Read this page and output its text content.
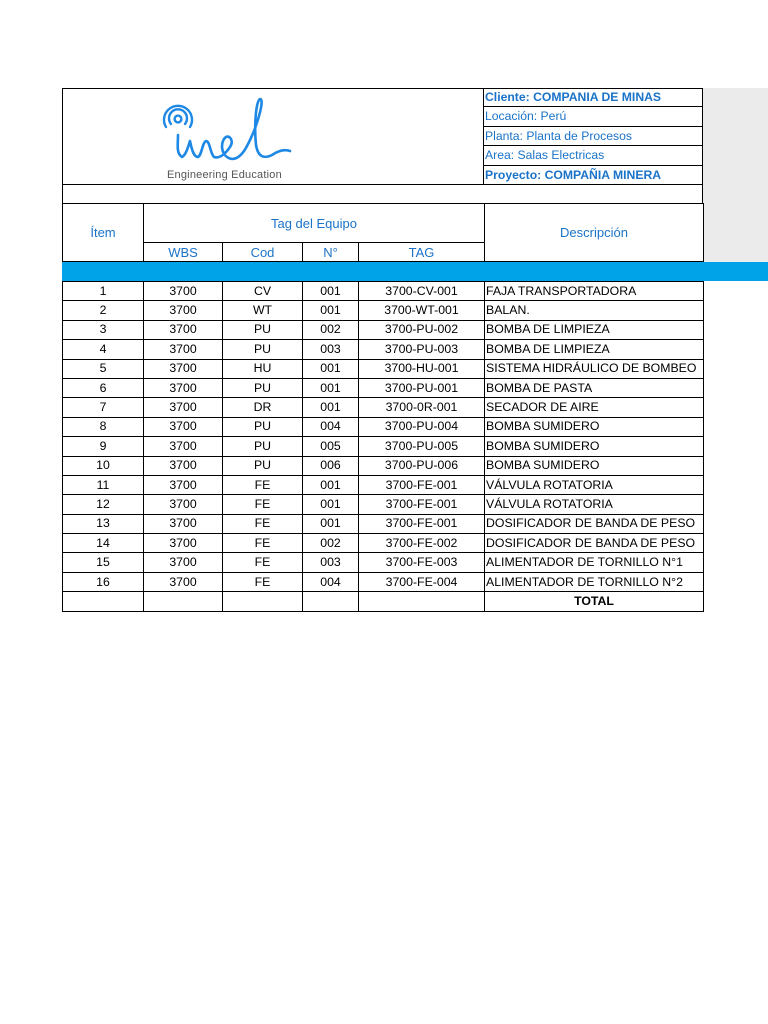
Engineering Education
Cliente: COMPANIA DE MINAS
Locación: Perú
Planta: Planta de Procesos
Area: Salas Electricas
Proyecto: COMPAÑIA MINERA
Ítem
Tag del Equipo
WBS	Cod	N°	TAG
Descripción
1	3700	CV	001	3700-CV-001	FAJA TRANSPORTADORA
2	3700	WT	001	3700-WT-001	BALAN.
3	3700	PU	002	3700-PU-002	BOMBA DE LIMPIEZA
4	3700	PU	003	3700-PU-003	BOMBA DE LIMPIEZA
5	3700	HU	001	3700-HU-001	SISTEMA HIDRÁULICO DE BOMBEO
6	3700	PU	001	3700-PU-001	BOMBA DE PASTA
7	3700	DR	001	3700-0R-001	SECADOR DE AIRE
8	3700	PU	004	3700-PU-004	BOMBA SUMIDERO
9	3700	PU	005	3700-PU-005	BOMBA SUMIDERO
10	3700	PU	006	3700-PU-006	BOMBA SUMIDERO
11	3700	FE	001	3700-FE-001	VÁLVULA ROTATORIA
12	3700	FE	001	3700-FE-001	VÁLVULA ROTATORIA
13	3700	FE	001	3700-FE-001	DOSIFICADOR DE BANDA DE PESO
14	3700	FE	002	3700-FE-002	DOSIFICADOR DE BANDA DE PESO
15	3700	FE	003	3700-FE-003	ALIMENTADOR DE TORNILLO N°1
16	3700	FE	004	3700-FE-004	ALIMENTADOR DE TORNILLO N°2
					TOTAL
